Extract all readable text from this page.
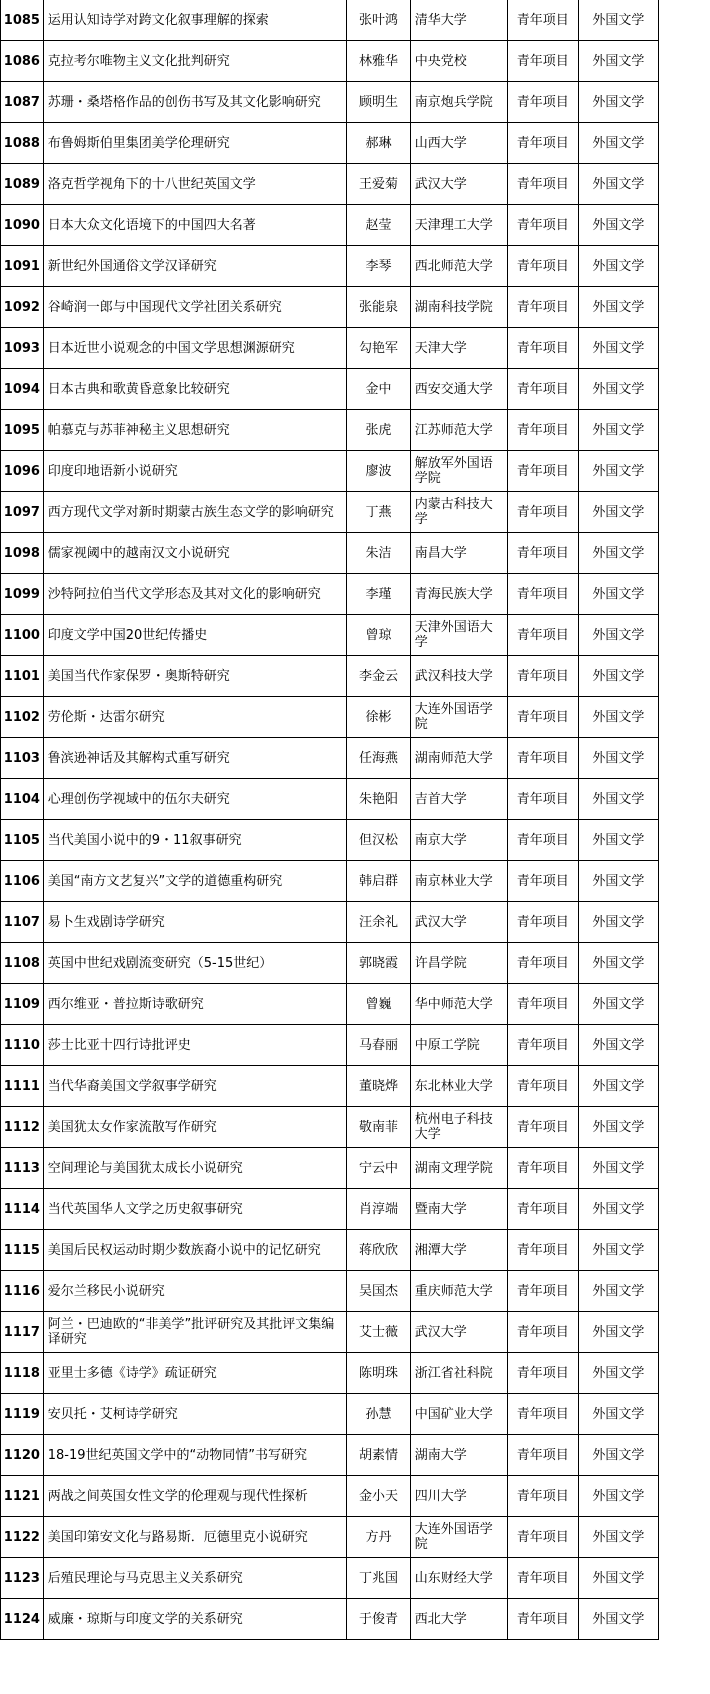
1085	运用认知诗学对跨文化叙事理解的探索	张叶鸿	清华大学	青年项目	外国文学
1086	克拉考尔唯物主义文化批判研究	林雅华	中央党校	青年项目	外国文学
1087	苏珊・桑塔格作品的创伤书写及其文化影响研究	顾明生	南京炮兵学院	青年项目	外国文学
1088	布鲁姆斯伯里集团美学伦理研究	郝琳	山西大学	青年项目	外国文学
1089	洛克哲学视角下的十八世纪英国文学	王爱菊	武汉大学	青年项目	外国文学
1090	日本大众文化语境下的中国四大名著	赵莹	天津理工大学	青年项目	外国文学
1091	新世纪外国通俗文学汉译研究	李琴	西北师范大学	青年项目	外国文学
1092	谷崎润一郎与中国现代文学社团关系研究	张能泉	湖南科技学院	青年项目	外国文学
1093	日本近世小说观念的中国文学思想渊源研究	勾艳军	天津大学	青年项目	外国文学
1094	日本古典和歌黄昏意象比较研究	金中	西安交通大学	青年项目	外国文学
1095	帕慕克与苏菲神秘主义思想研究	张虎	江苏师范大学	青年项目	外国文学
1096	印度印地语新小说研究	廖波	解放军外国语学院	青年项目	外国文学
1097	西方现代文学对新时期蒙古族生态文学的影响研究	丁燕	内蒙古科技大学	青年项目	外国文学
1098	儒家视阈中的越南汉文小说研究	朱洁	南昌大学	青年项目	外国文学
1099	沙特阿拉伯当代文学形态及其对文化的影响研究	李瑾	青海民族大学	青年项目	外国文学
1100	印度文学中国20世纪传播史	曾琼	天津外国语大学	青年项目	外国文学
1101	美国当代作家保罗・奥斯特研究	李金云	武汉科技大学	青年项目	外国文学
1102	劳伦斯・达雷尔研究	徐彬	大连外国语学院	青年项目	外国文学
1103	鲁滨逊神话及其解构式重写研究	任海燕	湖南师范大学	青年项目	外国文学
1104	心理创伤学视域中的伍尔夫研究	朱艳阳	吉首大学	青年项目	外国文学
1105	当代美国小说中的9・11叙事研究	但汉松	南京大学	青年项目	外国文学
1106	美国“南方文艺复兴”文学的道德重构研究	韩启群	南京林业大学	青年项目	外国文学
1107	易卜生戏剧诗学研究	汪余礼	武汉大学	青年项目	外国文学
1108	英国中世纪戏剧流变研究（5-15世纪）	郭晓霞	许昌学院	青年项目	外国文学
1109	西尔维亚・普拉斯诗歌研究	曾巍	华中师范大学	青年项目	外国文学
1110	莎士比亚十四行诗批评史	马春丽	中原工学院	青年项目	外国文学
1111	当代华裔美国文学叙事学研究	董晓烨	东北林业大学	青年项目	外国文学
1112	美国犹太女作家流散写作研究	敬南菲	杭州电子科技大学	青年项目	外国文学
1113	空间理论与美国犹太成长小说研究	宁云中	湖南文理学院	青年项目	外国文学
1114	当代英国华人文学之历史叙事研究	肖淳端	暨南大学	青年项目	外国文学
1115	美国后民权运动时期少数族裔小说中的记忆研究	蒋欣欣	湘潭大学	青年项目	外国文学
1116	爱尔兰移民小说研究	吴国杰	重庆师范大学	青年项目	外国文学
1117	阿兰・巴迪欧的“非美学”批评研究及其批评文集编译研究	艾士薇	武汉大学	青年项目	外国文学
1118	亚里士多德《诗学》疏证研究	陈明珠	浙江省社科院	青年项目	外国文学
1119	安贝托・艾柯诗学研究	孙慧	中国矿业大学	青年项目	外国文学
1120	18-19世纪英国文学中的“动物同情”书写研究	胡素情	湖南大学	青年项目	外国文学
1121	两战之间英国女性文学的伦理观与现代性探析	金小天	四川大学	青年项目	外国文学
1122	美国印第安文化与路易斯．厄德里克小说研究	方丹	大连外国语学院	青年项目	外国文学
1123	后殖民理论与马克思主义关系研究	丁兆国	山东财经大学	青年项目	外国文学
1124	威廉・琼斯与印度文学的关系研究	于俊青	西北大学	青年项目	外国文学
